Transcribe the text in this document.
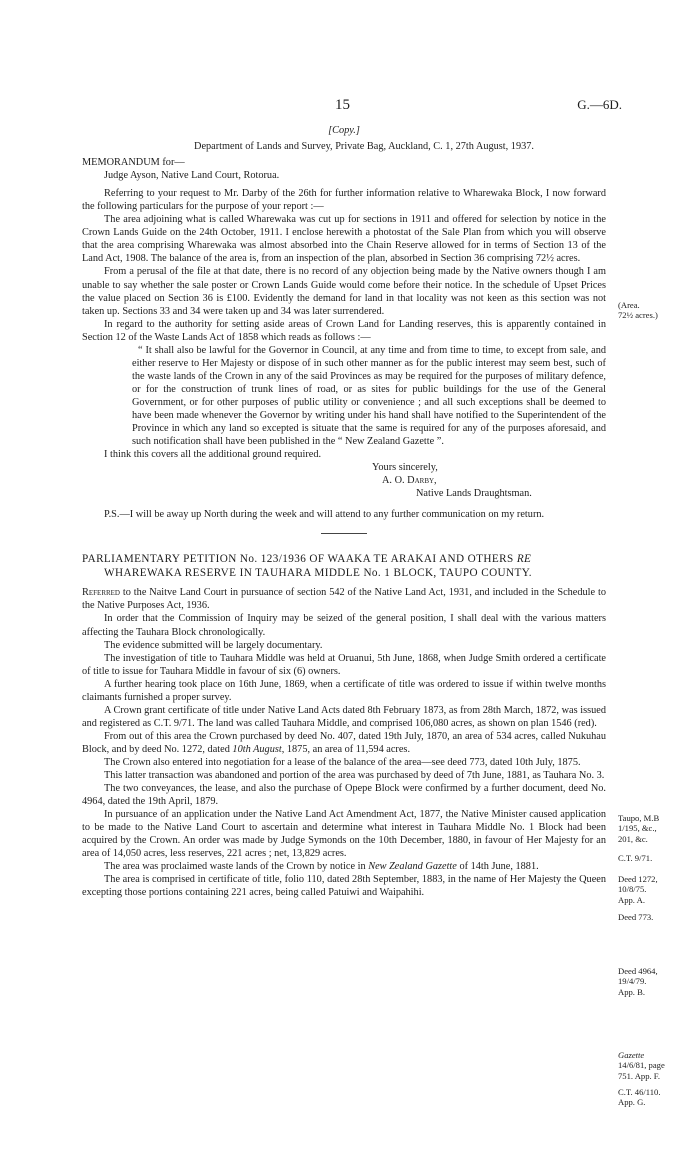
15	G.—6D.

[Copy.]

Department of Lands and Survey, Private Bag, Auckland, C. 1, 27th August, 1937.

MEMORANDUM for—

Judge Ayson, Native Land Court, Rotorua.

Referring to your request to Mr. Darby of the 26th for further information relative to Wharewaka Block, I now forward the following particulars for the purpose of your report :—

The area adjoining what is called Wharewaka was cut up for sections in 1911 and offered for selection by notice in the Crown Lands Guide on the 24th October, 1911. I enclose herewith a photostat of the Sale Plan from which you will observe that the area comprising Wharewaka was almost absorbed into the Chain Reserve allowed for in terms of Section 13 of the Land Act, 1908. The balance of the area is, from an inspection of the plan, absorbed in Section 36 comprising 72½ acres.

From a perusal of the file at that date, there is no record of any objection being made by the Native owners though I am unable to say whether the sale poster or Crown Lands Guide would come before their notice. In the schedule of Upset Prices the value placed on Section 36 is £100. Evidently the demand for land in that locality was not keen as this section was not taken up. Sections 33 and 34 were taken up and 34 was later surrendered.

In regard to the authority for setting aside areas of Crown Land for Landing reserves, this is apparently contained in Section 12 of the Waste Lands Act of 1858 which reads as follows :—

“ It shall also be lawful for the Governor in Council, at any time and from time to time, to except from sale, and either reserve to Her Majesty or dispose of in such other manner as for the public interest may seem best, such of the waste lands of the Crown in any of the said Provinces as may be required for the purposes of military defence, or for the construction of trunk lines of road, or as sites for public buildings for the use of the General Government, or for other purposes of public utility or convenience ; and all such exceptions shall be deemed to have been made whenever the Governor by writing under his hand shall have notified to the Superintendent of the Province in which any land so excepted is situate that the same is required for any of the purposes aforesaid, and such notification shall have been published in the “ New Zealand Gazette ”.

I think this covers all the additional ground required.

Yours sincerely,

A. O. Darby,

Native Lands Draughtsman.

P.S.—I will be away up North during the week and will attend to any further communication on my return.

PARLIAMENTARY PETITION No. 123/1936 OF WAAKA TE ARAKAI AND OTHERS RE

WHAREWAKA RESERVE IN TAUHARA MIDDLE No. 1 BLOCK, TAUPO COUNTY.

Referred to the Naitve Land Court in pursuance of section 542 of the Native Land Act, 1931, and included in the Schedule to the Native Purposes Act, 1936.

In order that the Commission of Inquiry may be seized of the general position, I shall deal with the various matters affecting the Tauhara Block chronologically.

The evidence submitted will be largely documentary.

The investigation of title to Tauhara Middle was held at Oruanui, 5th June, 1868, when Judge Smith ordered a certificate of title to issue for Tauhara Middle in favour of six (6) owners.

A further hearing took place on 16th June, 1869, when a certificate of title was ordered to issue if within twelve months claimants furnished a proper survey.

A Crown grant certificate of title under Native Land Acts dated 8th February 1873, as from 28th March, 1872, was issued and registered as C.T. 9/71. The land was called Tauhara Middle, and comprised 106,080 acres, as shown on plan 1546 (red).

From out of this area the Crown purchased by deed No. 407, dated 19th July, 1870, an area of 534 acres, called Nukuhau Block, and by deed No. 1272, dated 10th August, 1875, an area of 11,594 acres.

The Crown also entered into negotiation for a lease of the balance of the area—see deed 773, dated 10th July, 1875.

This latter transaction was abandoned and portion of the area was purchased by deed of 7th June, 1881, as Tauhara No. 3.

The two conveyances, the lease, and also the purchase of Opepe Block were confirmed by a further document, deed No. 4964, dated the 19th April, 1879.

In pursuance of an application under the Native Land Act Amendment Act, 1877, the Native Minister caused application to be made to the Native Land Court to ascertain and determine what interest in Tauhara Middle No. 1 Block had been acquired by the Crown. An order was made by Judge Symonds on the 10th December, 1880, in favour of Her Majesty for an area of 14,050 acres, less reserves, 221 acres ; net, 13,829 acres.

The area was proclaimed waste lands of the Crown by notice in New Zealand Gazette of 14th June, 1881.

The area is comprised in certificate of title, folio 110, dated 28th September, 1883, in the name of Her Majesty the Queen excepting those portions containing 221 acres, being called Patuiwi and Waipahihi.

(Area.
72½ acres.)
Taupo, M.B
1/195, &c.,
201, &c.
C.T. 9/71.
Deed 1272,
10/8/75.
App. A.
Deed 773.
Deed 4964,
19/4/79.
App. B.
Gazette
14/6/81, page
751. App. F.
C.T. 46/110.
App. G.
